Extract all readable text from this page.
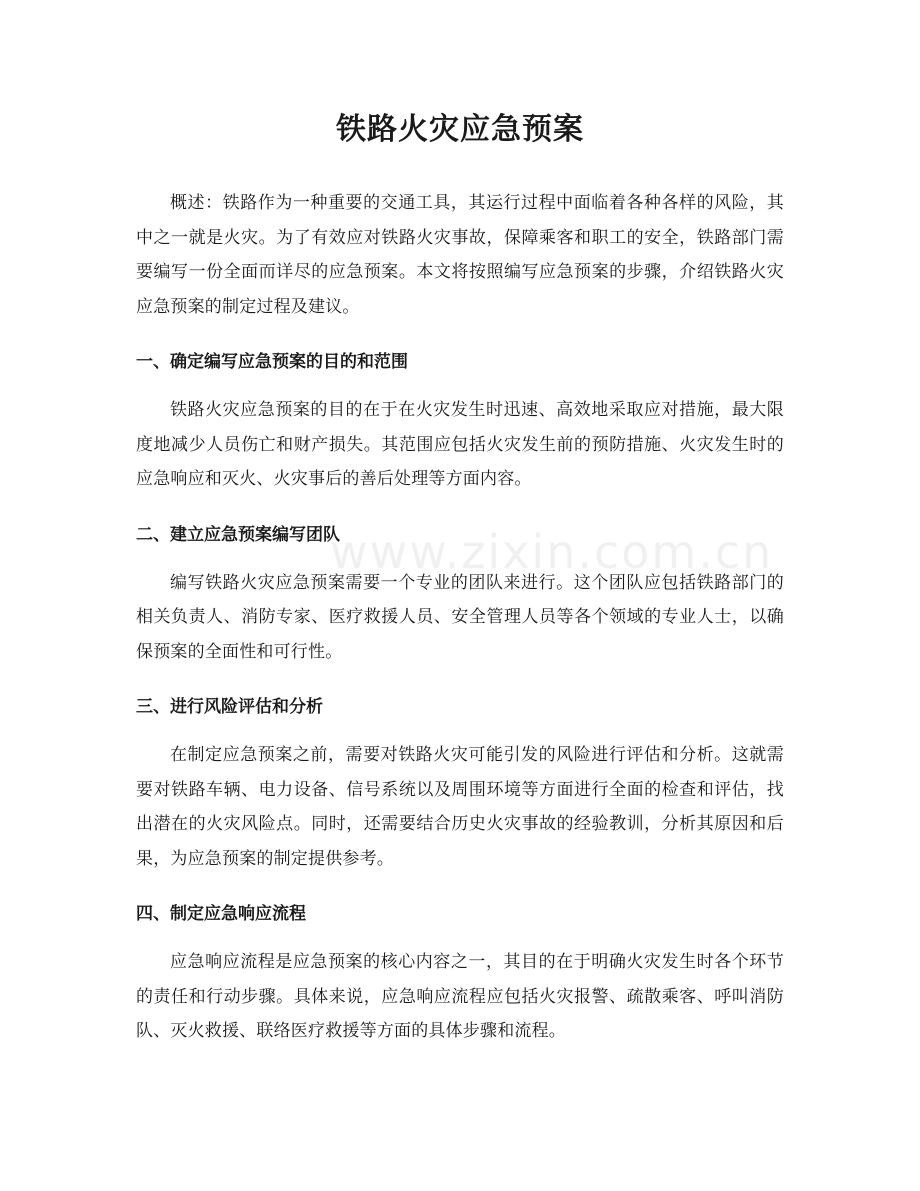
铁路火灾应急预案

概述：铁路作为一种重要的交通工具，其运行过程中面临着各种各样的风险，其中之一就是火灾。为了有效应对铁路火灾事故，保障乘客和职工的安全，铁路部门需要编写一份全面而详尽的应急预案。本文将按照编写应急预案的步骤，介绍铁路火灾应急预案的制定过程及建议。

一、确定编写应急预案的目的和范围

铁路火灾应急预案的目的在于在火灾发生时迅速、高效地采取应对措施，最大限度地减少人员伤亡和财产损失。其范围应包括火灾发生前的预防措施、火灾发生时的应急响应和灭火、火灾事后的善后处理等方面内容。

二、建立应急预案编写团队

编写铁路火灾应急预案需要一个专业的团队来进行。这个团队应包括铁路部门的相关负责人、消防专家、医疗救援人员、安全管理人员等各个领域的专业人士，以确保预案的全面性和可行性。

三、进行风险评估和分析

在制定应急预案之前，需要对铁路火灾可能引发的风险进行评估和分析。这就需要对铁路车辆、电力设备、信号系统以及周围环境等方面进行全面的检查和评估，找出潜在的火灾风险点。同时，还需要结合历史火灾事故的经验教训，分析其原因和后果，为应急预案的制定提供参考。

四、制定应急响应流程

应急响应流程是应急预案的核心内容之一，其目的在于明确火灾发生时各个环节的责任和行动步骤。具体来说，应急响应流程应包括火灾报警、疏散乘客、呼叫消防队、灭火救援、联络医疗救援等方面的具体步骤和流程。

www.zixin.com.cn
